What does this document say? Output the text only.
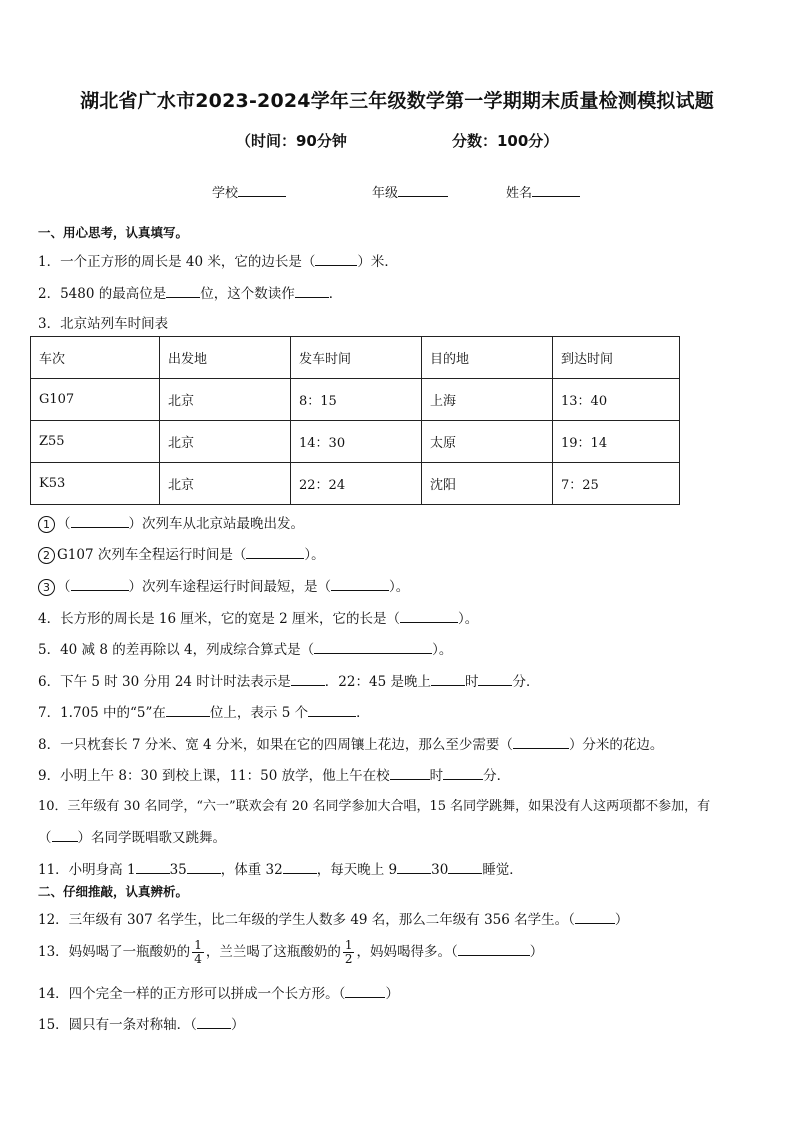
湖北省广水市2023-2024学年三年级数学第一学期期末质量检测模拟试题
（时间：90分钟	分数：100分）
学校	年级	姓名
一、用心思考，认真填写。
1．一个正方形的周长是 40 米，它的边长是（	）米．
2．5480 的最高位是	位，这个数读作	．
3．北京站列车时间表
车次	出发地	发车时间	目的地	到达时间
G107	北京	8：15	上海	13：40
Z55	北京	14：30	太原	19：14
K53	北京	22：24	沈阳	7：25
1 （	）次列车从北京站最晚出发。
2 G107 次列车全程运行时间是（	）。
3 （	）次列车途程运行时间最短，是（	）。
4．长方形的周长是 16 厘米，它的宽是 2 厘米，它的长是（	）。
5．40 减 8 的差再除以 4，列成综合算式是（	）。
6．下午 5 时 30 分用 24 时计时法表示是	．22：45 是晚上	时	分．
7．1.705 中的“5”在	位上，表示 5 个	．
8．一只枕套长 7 分米、宽 4 分米，如果在它的四周镶上花边，那么至少需要（	）分米的花边。
9．小明上午 8：30 到校上课，11：50 放学，他上午在校	时	分．
10．三年级有 30 名同学，“六一”联欢会有 20 名同学参加大合唱，15 名同学跳舞，如果没有人这两项都不参加，有
（ ）名同学既唱歌又跳舞。
11．小明身高 1	35	，体重 32	，每天晚上 9	30	睡觉．
二、仔细推敲，认真辨析。
12．三年级有 307 名学生，比二年级的学生人数多 49 名，那么二年级有 356 名学生。（	）
13．妈妈喝了一瓶酸奶的 $\frac{1}{4}$ ，兰兰喝了这瓶酸奶的 $\frac{1}{2}$ ，妈妈喝得多。（	）
14．四个完全一样的正方形可以拼成一个长方形。（	）
15．圆只有一条对称轴．（	）
